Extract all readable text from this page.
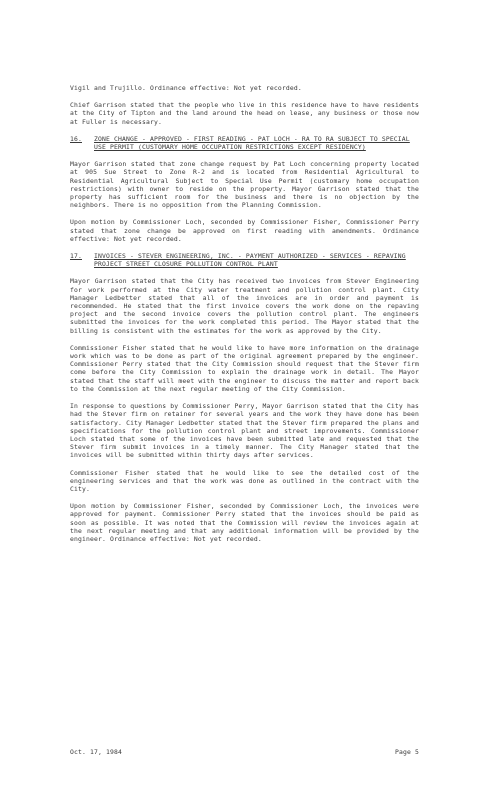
Vigil and Trujillo. Ordinance effective: Not yet recorded.

Chief Garrison stated that the people who live in this residence have to have residents at the City of Tipton and the land around the head on lease, any business or those now at Fuller is necessary.

16.	ZONE CHANGE - APPROVED - FIRST READING - PAT LOCH - RA TO RA SUBJECT TO SPECIAL USE PERMIT (CUSTOMARY HOME OCCUPATION RESTRICTIONS EXCEPT RESIDENCY)

Mayor Garrison stated that zone change request by Pat Loch concerning property located at 905 Sue Street to Zone R-2 and is located from Residential Agricultural to Residential Agricultural Subject to Special Use Permit (customary home occupation restrictions) with owner to reside on the property. Mayor Garrison stated that the property has sufficient room for the business and there is no objection by the neighbors. There is no opposition from the Planning Commission.

Upon motion by Commissioner Loch, seconded by Commissioner Fisher, Commissioner Perry stated that zone change be approved on first reading with amendments. Ordinance effective: Not yet recorded.

17.	INVOICES - STEVER ENGINEERING, INC. - PAYMENT AUTHORIZED - SERVICES - REPAVING PROJECT STREET CLOSURE POLLUTION CONTROL PLANT

Mayor Garrison stated that the City has received two invoices from Stever Engineering for work performed at the City water treatment and pollution control plant. City Manager Ledbetter stated that all of the invoices are in order and payment is recommended. He stated that the first invoice covers the work done on the repaving project and the second invoice covers the pollution control plant. The engineers submitted the invoices for the work completed this period. The Mayor stated that the billing is consistent with the estimates for the work as approved by the City.

Commissioner Fisher stated that he would like to have more information on the drainage work which was to be done as part of the original agreement prepared by the engineer. Commissioner Perry stated that the City Commission should request that the Stever firm come before the City Commission to explain the drainage work in detail. The Mayor stated that the staff will meet with the engineer to discuss the matter and report back to the Commission at the next regular meeting of the City Commission.

In response to questions by Commissioner Perry, Mayor Garrison stated that the City has had the Stever firm on retainer for several years and the work they have done has been satisfactory. City Manager Ledbetter stated that the Stever firm prepared the plans and specifications for the pollution control plant and street improvements. Commissioner Loch stated that some of the invoices have been submitted late and requested that the Stever firm submit invoices in a timely manner. The City Manager stated that the invoices will be submitted within thirty days after services.

Commissioner Fisher stated that he would like to see the detailed cost of the engineering services and that the work was done as outlined in the contract with the City.

Upon motion by Commissioner Fisher, seconded by Commissioner Loch, the invoices were approved for payment. Commissioner Perry stated that the invoices should be paid as soon as possible. It was noted that the Commission will review the invoices again at the next regular meeting and that any additional information will be provided by the engineer. Ordinance effective: Not yet recorded.

Oct. 17, 1984	Page 5
